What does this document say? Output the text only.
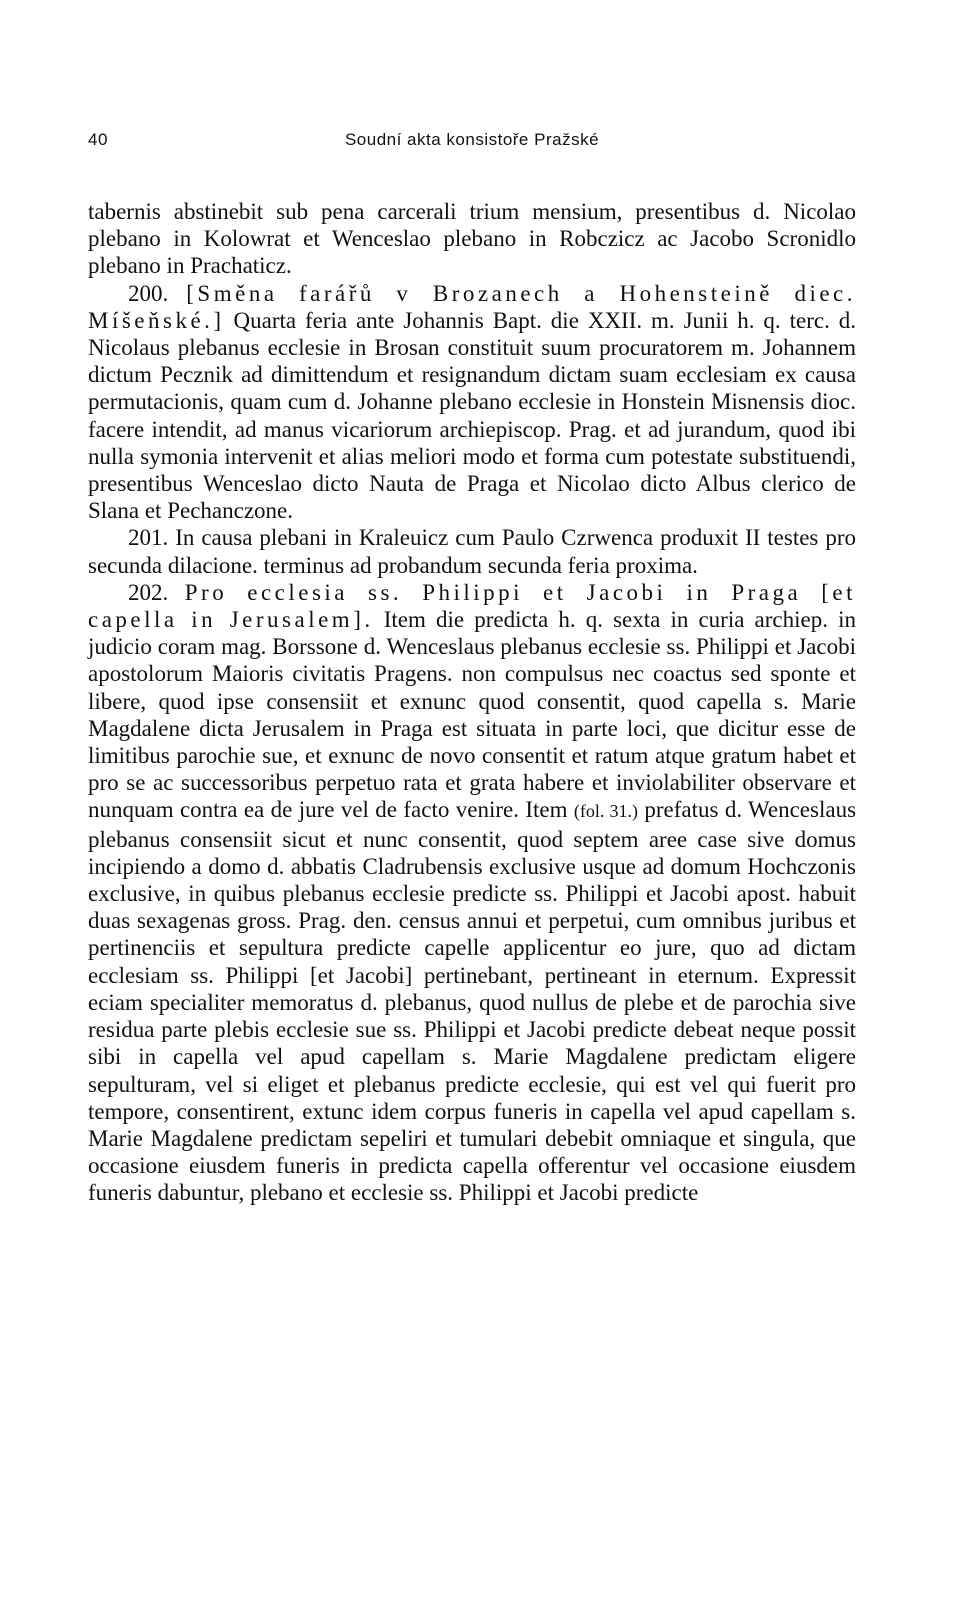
40	Soudní akta konsistoře Pražské

tabernis abstinebit sub pena carcerali trium mensium, presentibus d. Nicolao plebano in Kolowrat et Wenceslao plebano in Robczicz ac Jacobo Scronidlo plebano in Prachaticz.

200. [Směna farářů v Brozanech a Hohensteině diec. Míšeňské.] Quarta feria ante Johannis Bapt. die XXII. m. Junii h. q. terc. d. Nicolaus plebanus ecclesie in Brosan constituit suum procuratorem m. Johannem dictum Pecznik ad dimittendum et resignandum dictam suam ecclesiam ex causa permutacionis, quam cum d. Johanne plebano ecclesie in Honstein Misnensis dioc. facere intendit, ad manus vicariorum archiepiscop. Prag. et ad jurandum, quod ibi nulla symonia intervenit et alias meliori modo et forma cum potestate substituendi, presentibus Wenceslao dicto Nauta de Praga et Nicolao dicto Albus clerico de Slana et Pechanczone.

201. In causa plebani in Kraleuicz cum Paulo Czrwenca produxit II testes pro secunda dilacione. terminus ad probandum secunda feria proxima.

202. Pro ecclesia ss. Philippi et Jacobi in Praga [et capella in Jerusalem]. Item die predicta h. q. sexta in curia archiep. in judicio coram mag. Borssone d. Wenceslaus plebanus ecclesie ss. Philippi et Jacobi apostolorum Maioris civitatis Pragens. non compulsus nec coactus sed sponte et libere, quod ipse consensiit et exnunc quod consentit, quod capella s. Marie Magdalene dicta Jerusalem in Praga est situata in parte loci, que dicitur esse de limitibus parochie sue, et exnunc de novo consentit et ratum atque gratum habet et pro se ac successoribus perpetuo rata et grata habere et inviolabiliter observare et nunquam contra ea de jure vel de facto venire. Item (fol. 31.) prefatus d. Wenceslaus plebanus consensiit sicut et nunc consentit, quod septem aree case sive domus incipiendo a domo d. abbatis Cladrubensis exclusive usque ad domum Hochczonis exclusive, in quibus plebanus ecclesie predicte ss. Philippi et Jacobi apost. habuit duas sexagenas gross. Prag. den. census annui et perpetui, cum omnibus juribus et pertinenciis et sepultura predicte capelle applicentur eo jure, quo ad dictam ecclesiam ss. Philippi [et Jacobi] pertinebant, pertineant in eternum. Expressit eciam specialiter memoratus d. plebanus, quod nullus de plebe et de parochia sive residua parte plebis ecclesie sue ss. Philippi et Jacobi predicte debeat neque possit sibi in capella vel apud capellam s. Marie Magdalene predictam eligere sepulturam, vel si eliget et plebanus predicte ecclesie, qui est vel qui fuerit pro tempore, consentirent, extunc idem corpus funeris in capella vel apud capellam s. Marie Magdalene predictam sepeliri et tumulari debebit omniaque et singula, que occasione eiusdem funeris in predicta capella offerentur vel occasione eiusdem funeris dabuntur, plebano et ecclesie ss. Philippi et Jacobi predicte
